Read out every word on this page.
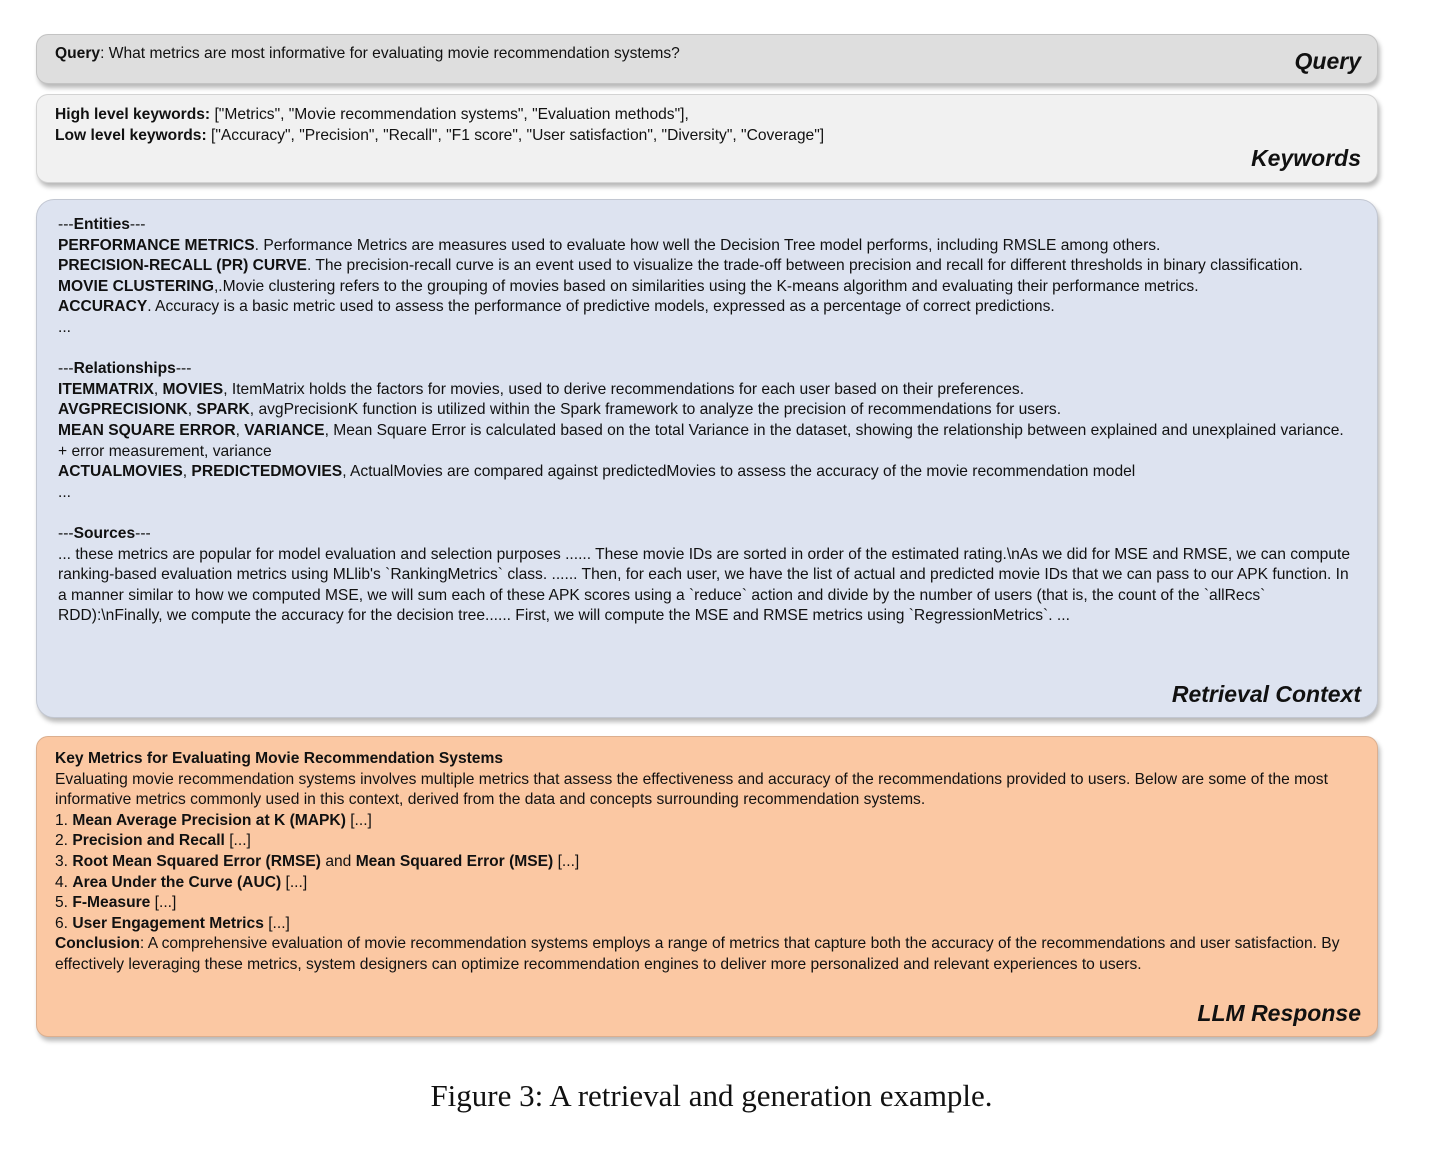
Query: What metrics are most informative for evaluating movie recommendation systems?	Query
High level keywords: ["Metrics", "Movie recommendation systems", "Evaluation methods"],
Low level keywords: ["Accuracy", "Precision", "Recall", "F1 score", "User satisfaction", "Diversity", "Coverage"]
Keywords
---Entities---
PERFORMANCE METRICS. Performance Metrics are measures used to evaluate how well the Decision Tree model performs, including RMSLE among others.
PRECISION-RECALL (PR) CURVE. The precision-recall curve is an event used to visualize the trade-off between precision and recall for different thresholds in binary classification.
MOVIE CLUSTERING,.Movie clustering refers to the grouping of movies based on similarities using the K-means algorithm and evaluating their performance metrics.
ACCURACY. Accuracy is a basic metric used to assess the performance of predictive models, expressed as a percentage of correct predictions.
...
---Relationships---
ITEMMATRIX, MOVIES, ItemMatrix holds the factors for movies, used to derive recommendations for each user based on their preferences.
AVGPRECISIONK, SPARK, avgPrecisionK function is utilized within the Spark framework to analyze the precision of recommendations for users.
MEAN SQUARE ERROR, VARIANCE, Mean Square Error is calculated based on the total Variance in the dataset, showing the relationship between explained and unexplained variance. + error measurement, variance
ACTUALMOVIES, PREDICTEDMOVIES, ActualMovies are compared against predictedMovies to assess the accuracy of the movie recommendation model
...
---Sources---
... these metrics are popular for model evaluation and selection purposes ...... These movie IDs are sorted in order of the estimated rating.\nAs we did for MSE and RMSE, we can compute ranking-based evaluation metrics using MLlib's `RankingMetrics` class. ...... Then, for each user, we have the list of actual and predicted movie IDs that we can pass to our APK function. In a manner similar to how we computed MSE, we will sum each of these APK scores using a `reduce` action and divide by the number of users (that is, the count of the `allRecs` RDD):\nFinally, we compute the accuracy for the decision tree...... First, we will compute the MSE and RMSE metrics using `RegressionMetrics`. ...
Retrieval Context
Key Metrics for Evaluating Movie Recommendation Systems
Evaluating movie recommendation systems involves multiple metrics that assess the effectiveness and accuracy of the recommendations provided to users. Below are some of the most informative metrics commonly used in this context, derived from the data and concepts surrounding recommendation systems.
1. Mean Average Precision at K (MAPK) [...]
2. Precision and Recall [...]
3. Root Mean Squared Error (RMSE) and Mean Squared Error (MSE) [...]
4. Area Under the Curve (AUC) [...]
5. F-Measure [...]
6. User Engagement Metrics [...]
Conclusion: A comprehensive evaluation of movie recommendation systems employs a range of metrics that capture both the accuracy of the recommendations and user satisfaction. By effectively leveraging these metrics, system designers can optimize recommendation engines to deliver more personalized and relevant experiences to users.
LLM Response
Figure 3: A retrieval and generation example.
